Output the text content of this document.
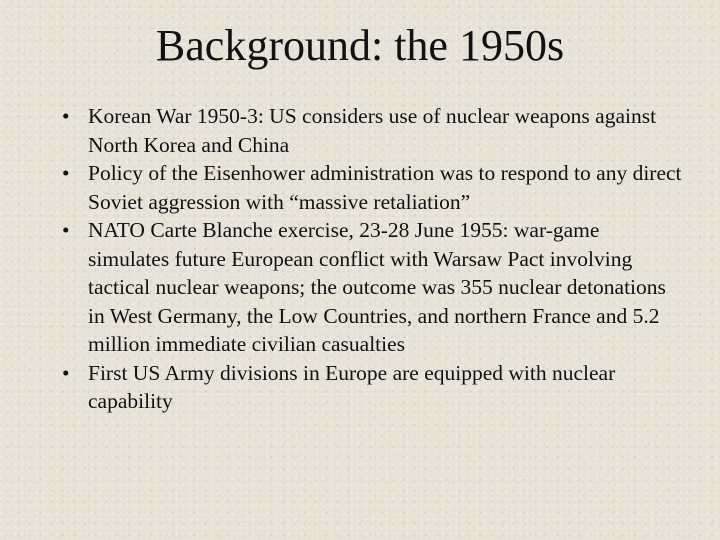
Background: the 1950s
• Korean War 1950-3: US considers use of nuclear weapons against North Korea and China
• Policy of the Eisenhower administration was to respond to any direct Soviet aggression with “massive retaliation”
• NATO Carte Blanche exercise, 23-28 June 1955: war-game simulates future European conflict with Warsaw Pact involving tactical nuclear weapons; the outcome was 355 nuclear detonations in West Germany, the Low Countries, and northern France and 5.2 million immediate civilian casualties
• First US Army divisions in Europe are equipped with nuclear capability
